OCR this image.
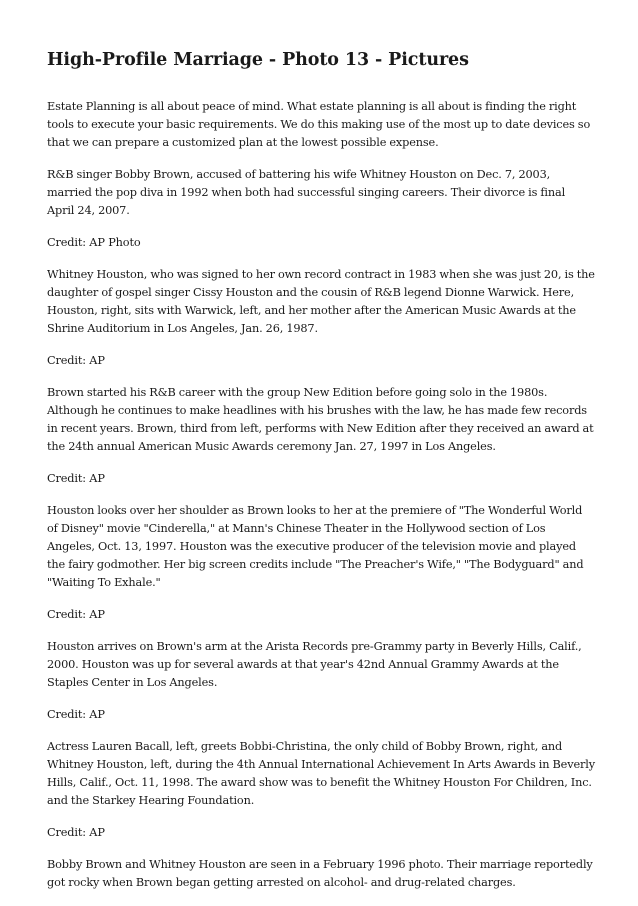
High-Profile Marriage - Photo 13 - Pictures

Estate Planning is all about peace of mind. What estate planning is all about is finding the right tools to execute your basic requirements. We do this making use of the most up to date devices so that we can prepare a customized plan at the lowest possible expense.

R&B singer Bobby Brown, accused of battering his wife Whitney Houston on Dec. 7, 2003, married the pop diva in 1992 when both had successful singing careers. Their divorce is final April 24, 2007.

Credit: AP Photo

Whitney Houston, who was signed to her own record contract in 1983 when she was just 20, is the daughter of gospel singer Cissy Houston and the cousin of R&B legend Dionne Warwick. Here, Houston, right, sits with Warwick, left, and her mother after the American Music Awards at the Shrine Auditorium in Los Angeles, Jan. 26, 1987.

Credit: AP

Brown started his R&B career with the group New Edition before going solo in the 1980s. Although he continues to make headlines with his brushes with the law, he has made few records in recent years. Brown, third from left, performs with New Edition after they received an award at the 24th annual American Music Awards ceremony Jan. 27, 1997 in Los Angeles.

Credit: AP

Houston looks over her shoulder as Brown looks to her at the premiere of "The Wonderful World of Disney" movie "Cinderella," at Mann's Chinese Theater in the Hollywood section of Los Angeles, Oct. 13, 1997. Houston was the executive producer of the television movie and played the fairy godmother. Her big screen credits include "The Preacher's Wife," "The Bodyguard" and "Waiting To Exhale."

Credit: AP

Houston arrives on Brown's arm at the Arista Records pre-Grammy party in Beverly Hills, Calif., 2000. Houston was up for several awards at that year's 42nd Annual Grammy Awards at the Staples Center in Los Angeles.

Credit: AP

Actress Lauren Bacall, left, greets Bobbi-Christina, the only child of Bobby Brown, right, and Whitney Houston, left, during the 4th Annual International Achievement In Arts Awards in Beverly Hills, Calif., Oct. 11, 1998. The award show was to benefit the Whitney Houston For Children, Inc. and the Starkey Hearing Foundation.

Credit: AP

Bobby Brown and Whitney Houston are seen in a February 1996 photo. Their marriage reportedly got rocky when Brown began getting arrested on alcohol- and drug-related charges.
